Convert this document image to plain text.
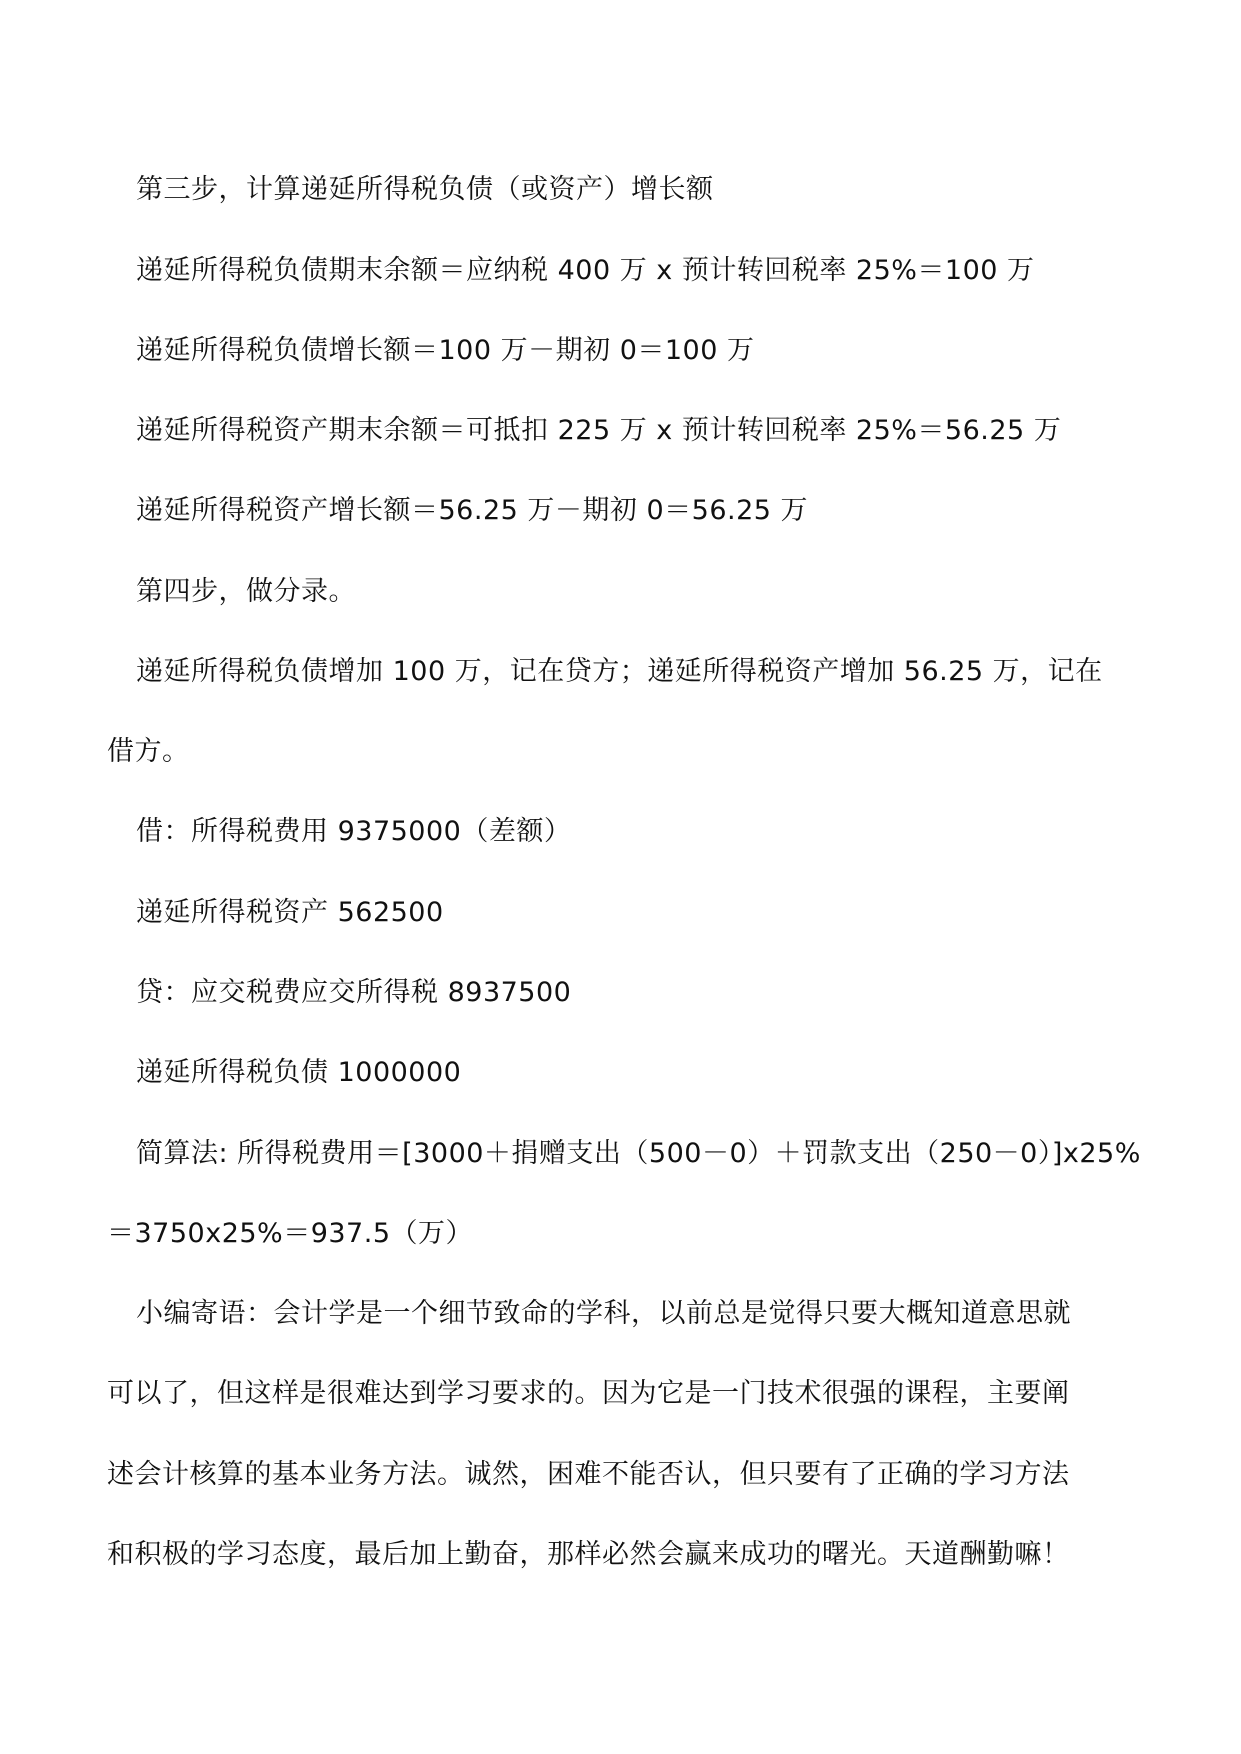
第三步，计算递延所得税负债（或资产）增长额
递延所得税负债期末余额＝应纳税 400 万 x 预计转回税率 25%＝100 万
递延所得税负债增长额＝100 万－期初 0＝100 万
递延所得税资产期末余额＝可抵扣 225 万 x 预计转回税率 25%＝56.25 万
递延所得税资产增长额＝56.25 万－期初 0＝56.25 万
第四步，做分录。
递延所得税负债增加 100 万，记在贷方；递延所得税资产增加 56.25 万，记在
借方。
借：所得税费用 9375000（差额）
递延所得税资产 562500
贷：应交税费应交所得税 8937500
递延所得税负债 1000000
简算法: 所得税费用＝[3000＋捐赠支出（500－0）＋罚款支出（250－0）]x25%
＝3750x25%＝937.5（万）
小编寄语：会计学是一个细节致命的学科，以前总是觉得只要大概知道意思就
可以了，但这样是很难达到学习要求的。因为它是一门技术很强的课程，主要阐
述会计核算的基本业务方法。诚然，困难不能否认，但只要有了正确的学习方法
和积极的学习态度，最后加上勤奋，那样必然会赢来成功的曙光。天道酬勤嘛！
